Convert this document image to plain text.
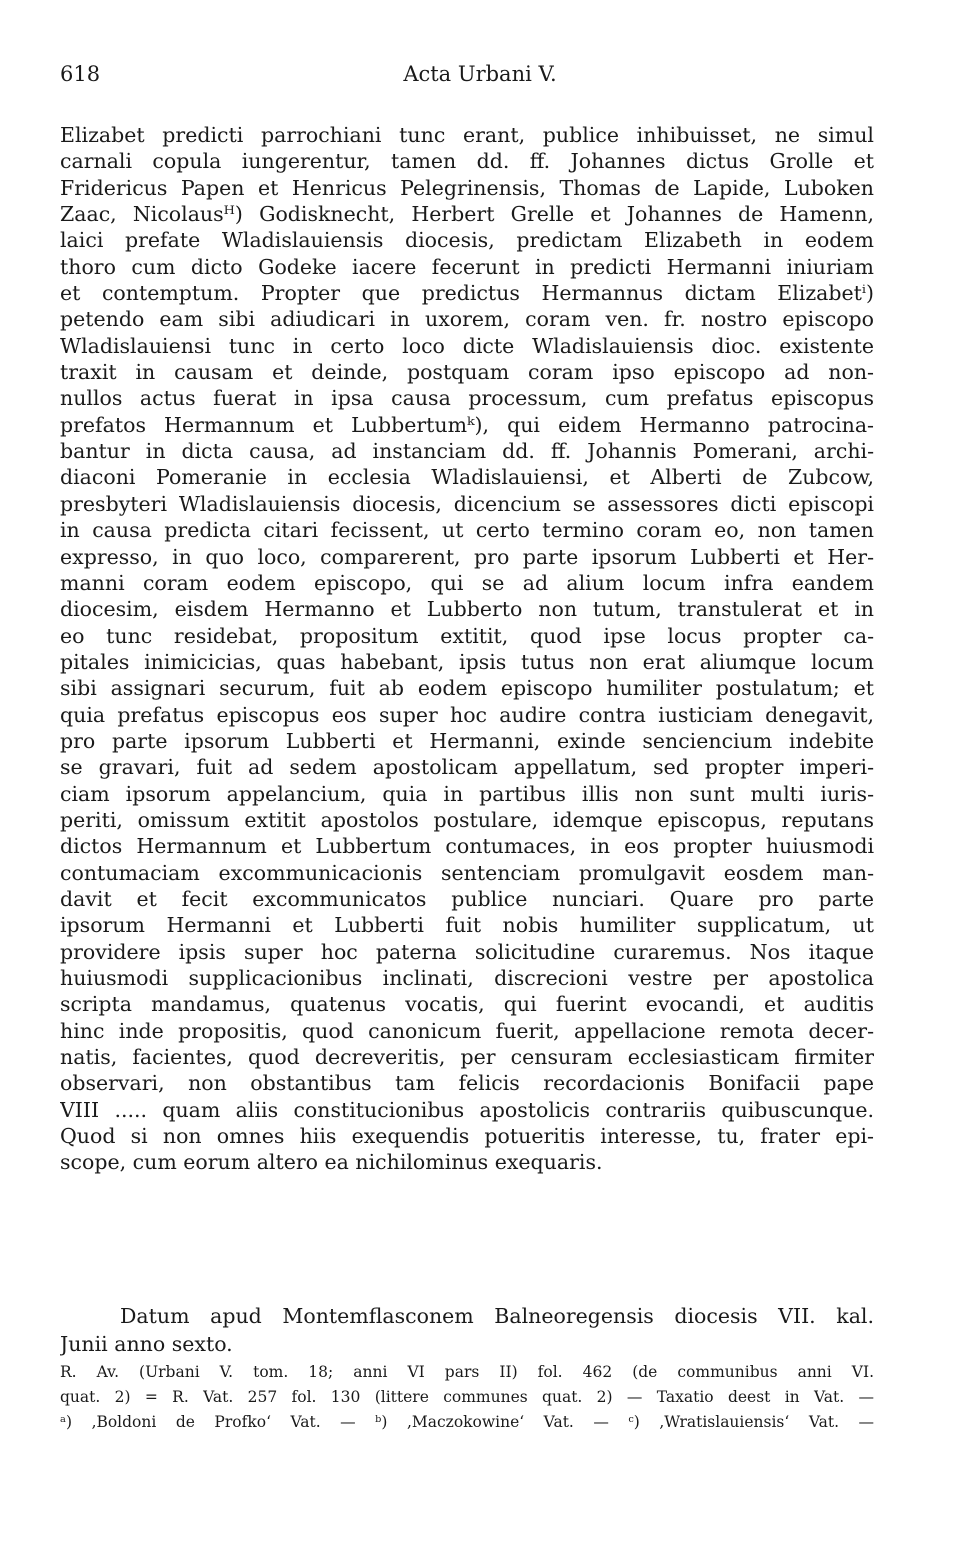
618	Acta Urbani V.
Elizabet predicti parrochiani tunc erant, publice inhibuisset, ne simul
carnali copula iungerentur, tamen dd. ff. Johannes dictus Grolle et
Fridericus Papen et Henricus Pelegrinensis, Thomas de Lapide, Luboken
Zaac, Nicolausᴴ) Godisknecht, Herbert Grelle et Johannes de Hamenn,
laici prefate Wladislauiensis diocesis, predictam Elizabeth in eodem
thoro cum dicto Godeke iacere fecerunt in predicti Hermanni iniuriam
et contemptum. Propter que predictus Hermannus dictam Elizabetⁱ)
petendo eam sibi adiudicari in uxorem, coram ven. fr. nostro episcopo
Wladislauiensi tunc in certo loco dicte Wladislauiensis dioc. existente
traxit in causam et deinde, postquam coram ipso episcopo ad non-
nullos actus fuerat in ipsa causa processum, cum prefatus episcopus
prefatos Hermannum et Lubbertumᵏ), qui eidem Hermanno patrocina-
bantur in dicta causa, ad instanciam dd. ff. Johannis Pomerani, archi-
diaconi Pomeranie in ecclesia Wladislauiensi, et Alberti de Zubcow,
presbyteri Wladislauiensis diocesis, dicencium se assessores dicti episcopi
in causa predicta citari fecissent, ut certo termino coram eo, non tamen
expresso, in quo loco, comparerent, pro parte ipsorum Lubberti et Her-
manni coram eodem episcopo, qui se ad alium locum infra eandem
diocesim, eisdem Hermanno et Lubberto non tutum, transtulerat et in
eo tunc residebat, propositum extitit, quod ipse locus propter ca-
pitales inimicicias, quas habebant, ipsis tutus non erat aliumque locum
sibi assignari securum, fuit ab eodem episcopo humiliter postulatum; et
quia prefatus episcopus eos super hoc audire contra iusticiam denegavit,
pro parte ipsorum Lubberti et Hermanni, exinde senciencium indebite
se gravari, fuit ad sedem apostolicam appellatum, sed propter imperi-
ciam ipsorum appelancium, quia in partibus illis non sunt multi iuris-
periti, omissum extitit apostolos postulare, idemque episcopus, reputans
dictos Hermannum et Lubbertum contumaces, in eos propter huiusmodi
contumaciam excommunicacionis sentenciam promulgavit eosdem man-
davit et fecit excommunicatos publice nunciari. Quare pro parte
ipsorum Hermanni et Lubberti fuit nobis humiliter supplicatum, ut
providere ipsis super hoc paterna solicitudine curaremus. Nos itaque
huiusmodi supplicacionibus inclinati, discrecioni vestre per apostolica
scripta mandamus, quatenus vocatis, qui fuerint evocandi, et auditis
hinc inde propositis, quod canonicum fuerit, appellacione remota decer-
natis, facientes, quod decreveritis, per censuram ecclesiasticam firmiter
observari, non obstantibus tam felicis recordacionis Bonifacii pape
VIII ..... quam aliis constitucionibus apostolicis contrariis quibuscunque.
Quod si non omnes hiis exequendis potueritis interesse, tu, frater epi-
scope, cum eorum altero ea nichilominus exequaris.
Datum apud Montemflasconem Balneoregensis diocesis VII. kal.
Junii anno sexto.
R. Av. (Urbani V. tom. 18; anni VI pars II) fol. 462 (de communibus anni VI.
quat. 2) = R. Vat. 257 fol. 130 (littere communes quat. 2) — Taxatio deest in Vat. —
ᵃ) ‚Boldoni de Profko‘ Vat. — ᵇ) ‚Maczokowine‘ Vat. — ᶜ) ‚Wratislauiensis‘ Vat. —
